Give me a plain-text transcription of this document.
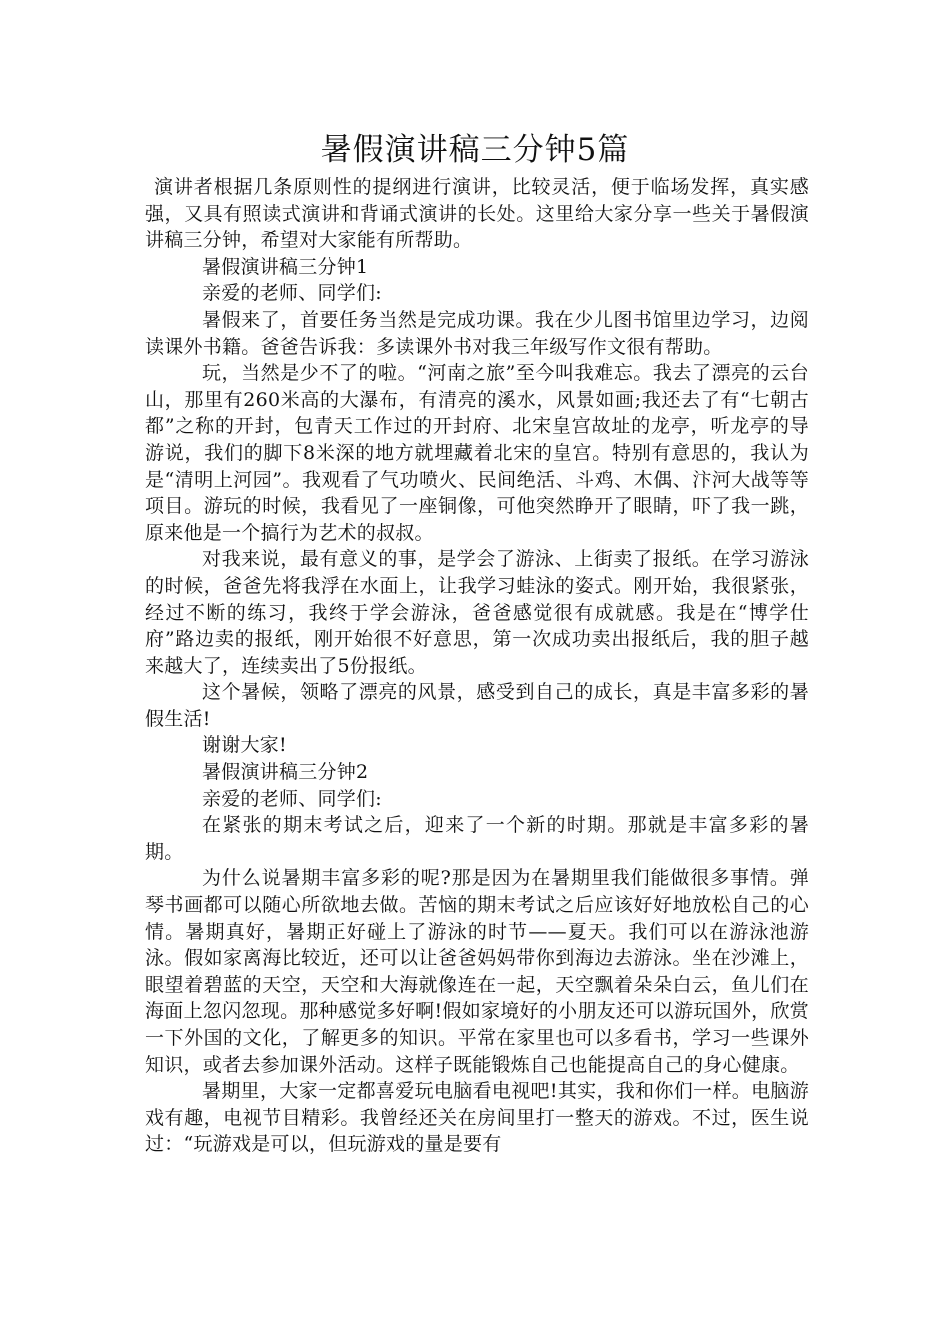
暑假演讲稿三分钟5篇

演讲者根据几条原则性的提纲进行演讲，比较灵活，便于临场发挥，真实感强，又具有照读式演讲和背诵式演讲的长处。这里给大家分享一些关于暑假演讲稿三分钟，希望对大家能有所帮助。

暑假演讲稿三分钟1

亲爱的老师、同学们:

暑假来了，首要任务当然是完成功课。我在少儿图书馆里边学习，边阅读课外书籍。爸爸告诉我：多读课外书对我三年级写作文很有帮助。

玩，当然是少不了的啦。“河南之旅”至今叫我难忘。我去了漂亮的云台山，那里有260米高的大瀑布，有清亮的溪水，风景如画;我还去了有“七朝古都”之称的开封，包青天工作过的开封府、北宋皇宫故址的龙亭，听龙亭的导游说，我们的脚下8米深的地方就埋藏着北宋的皇宫。特别有意思的，我认为是“清明上河园”。我观看了气功喷火、民间绝活、斗鸡、木偶、汴河大战等等项目。游玩的时候，我看见了一座铜像，可他突然睁开了眼睛，吓了我一跳，原来他是一个搞行为艺术的叔叔。

对我来说，最有意义的事，是学会了游泳、上街卖了报纸。在学习游泳的时候，爸爸先将我浮在水面上，让我学习蛙泳的姿式。刚开始，我很紧张，经过不断的练习，我终于学会游泳，爸爸感觉很有成就感。我是在“博学仕府”路边卖的报纸，刚开始很不好意思，第一次成功卖出报纸后，我的胆子越来越大了，连续卖出了5份报纸。

这个暑候，领略了漂亮的风景，感受到自己的成长，真是丰富多彩的暑假生活!

谢谢大家!

暑假演讲稿三分钟2

亲爱的老师、同学们:

在紧张的期末考试之后，迎来了一个新的时期。那就是丰富多彩的暑期。

为什么说暑期丰富多彩的呢?那是因为在暑期里我们能做很多事情。弹琴书画都可以随心所欲地去做。苦恼的期末考试之后应该好好地放松自己的心情。暑期真好，暑期正好碰上了游泳的时节——夏天。我们可以在游泳池游泳。假如家离海比较近，还可以让爸爸妈妈带你到海边去游泳。坐在沙滩上，眼望着碧蓝的天空，天空和大海就像连在一起，天空飘着朵朵白云，鱼儿们在海面上忽闪忽现。那种感觉多好啊!假如家境好的小朋友还可以游玩国外，欣赏一下外国的文化，了解更多的知识。平常在家里也可以多看书，学习一些课外知识，或者去参加课外活动。这样子既能锻炼自己也能提高自己的身心健康。

暑期里，大家一定都喜爱玩电脑看电视吧!其实，我和你们一样。电脑游戏有趣，电视节目精彩。我曾经还关在房间里打一整天的游戏。不过，医生说过：“玩游戏是可以，但玩游戏的量是要有
